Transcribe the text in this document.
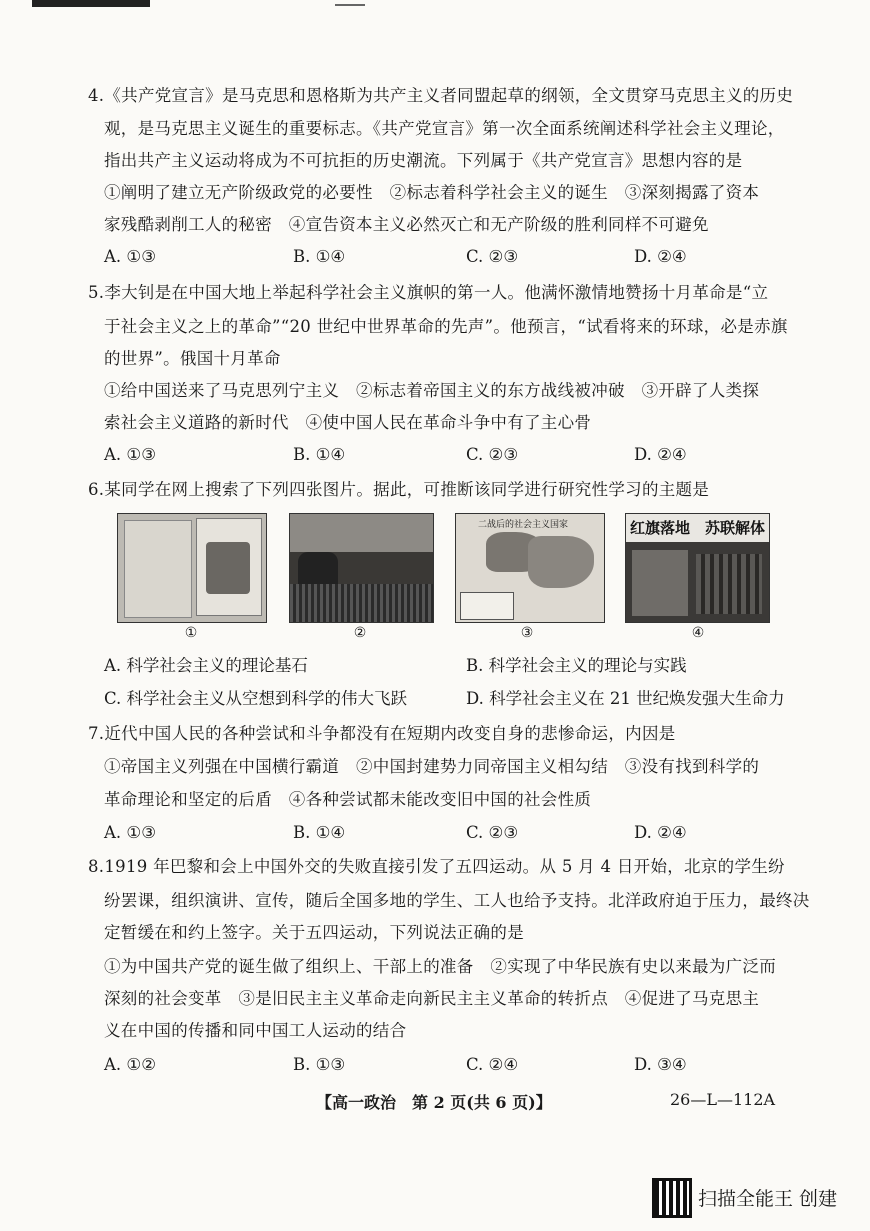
4.《共产党宣言》是马克思和恩格斯为共产主义者同盟起草的纲领，全文贯穿马克思主义的历史
观，是马克思主义诞生的重要标志。《共产党宣言》第一次全面系统阐述科学社会主义理论，
指出共产主义运动将成为不可抗拒的历史潮流。下列属于《共产党宣言》思想内容的是
①阐明了建立无产阶级政党的必要性　②标志着科学社会主义的诞生　③深刻揭露了资本
家残酷剥削工人的秘密　④宣告资本主义必然灭亡和无产阶级的胜利同样不可避免
A. ①③	B. ①④	C. ②③	D. ②④
5.李大钊是在中国大地上举起科学社会主义旗帜的第一人。他满怀激情地赞扬十月革命是“立
于社会主义之上的革命”“20 世纪中世界革命的先声”。他预言，“试看将来的环球，必是赤旗
的世界”。俄国十月革命
①给中国送来了马克思列宁主义　②标志着帝国主义的东方战线被冲破　③开辟了人类探
索社会主义道路的新时代　④使中国人民在革命斗争中有了主心骨
A. ①③	B. ①④	C. ②③	D. ②④
6.某同学在网上搜索了下列四张图片。据此，可推断该同学进行研究性学习的主题是
二战后的社会主义国家	红旗落地　苏联解体
①	②	③	④
A. 科学社会主义的理论基石	B. 科学社会主义的理论与实践
C. 科学社会主义从空想到科学的伟大飞跃	D. 科学社会主义在 21 世纪焕发强大生命力
7.近代中国人民的各种尝试和斗争都没有在短期内改变自身的悲惨命运，内因是
①帝国主义列强在中国横行霸道　②中国封建势力同帝国主义相勾结　③没有找到科学的
革命理论和坚定的后盾　④各种尝试都未能改变旧中国的社会性质
A. ①③	B. ①④	C. ②③	D. ②④
8.1919 年巴黎和会上中国外交的失败直接引发了五四运动。从 5 月 4 日开始，北京的学生纷
纷罢课，组织演讲、宣传，随后全国多地的学生、工人也给予支持。北洋政府迫于压力，最终决
定暂缓在和约上签字。关于五四运动，下列说法正确的是
①为中国共产党的诞生做了组织上、干部上的准备　②实现了中华民族有史以来最为广泛而
深刻的社会变革　③是旧民主主义革命走向新民主主义革命的转折点　④促进了马克思主
义在中国的传播和同中国工人运动的结合
A. ①②	B. ①③	C. ②④	D. ③④
【高一政治　第 2 页(共 6 页)】	26—L—112A
扫描全能王 创建
